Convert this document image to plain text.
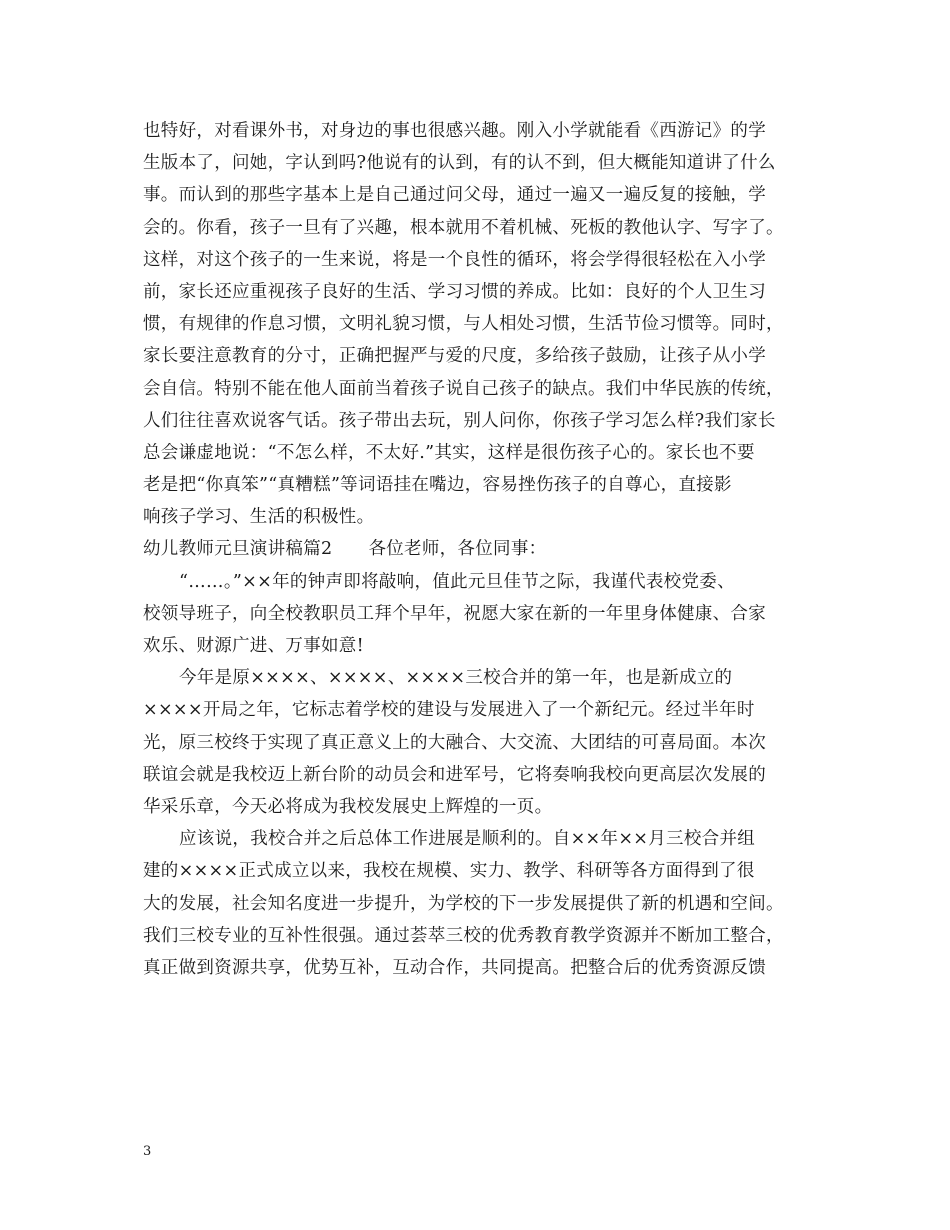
也特好，对看课外书，对身边的事也很感兴趣。刚入小学就能看《西游记》的学
生版本了，问她，字认到吗?他说有的认到，有的认不到，但大概能知道讲了什么
事。而认到的那些字基本上是自己通过问父母，通过一遍又一遍反复的接触，学
会的。你看，孩子一旦有了兴趣，根本就用不着机械、死板的教他认字、写字了。
这样，对这个孩子的一生来说，将是一个良性的循环，将会学得很轻松在入小学
前，家长还应重视孩子良好的生活、学习习惯的养成。比如：良好的个人卫生习
惯，有规律的作息习惯，文明礼貌习惯，与人相处习惯，生活节俭习惯等。同时，
家长要注意教育的分寸，正确把握严与爱的尺度，多给孩子鼓励，让孩子从小学
会自信。特别不能在他人面前当着孩子说自己孩子的缺点。我们中华民族的传统，
人们往往喜欢说客气话。孩子带出去玩，别人问你，你孩子学习怎么样?我们家长
总会谦虚地说：“不怎么样，不太好.”其实，这样是很伤孩子心的。家长也不要
老是把“你真笨”“真糟糕”等词语挂在嘴边，容易挫伤孩子的自尊心，直接影
响孩子学习、生活的积极性。
幼儿教师元旦演讲稿篇2 各位老师，各位同事：
“……。”××年的钟声即将敲响，值此元旦佳节之际，我谨代表校党委、
校领导班子，向全校教职员工拜个早年，祝愿大家在新的一年里身体健康、合家
欢乐、财源广进、万事如意!
今年是原××××、××××、××××三校合并的第一年，也是新成立的
××××开局之年，它标志着学校的建设与发展进入了一个新纪元。经过半年时
光，原三校终于实现了真正意义上的大融合、大交流、大团结的可喜局面。本次
联谊会就是我校迈上新台阶的动员会和进军号，它将奏响我校向更高层次发展的
华采乐章，今天必将成为我校发展史上辉煌的一页。
应该说，我校合并之后总体工作进展是顺利的。自××年××月三校合并组
建的××××正式成立以来，我校在规模、实力、教学、科研等各方面得到了很
大的发展，社会知名度进一步提升，为学校的下一步发展提供了新的机遇和空间。
我们三校专业的互补性很强。通过荟萃三校的优秀教育教学资源并不断加工整合，
真正做到资源共享，优势互补，互动合作，共同提高。把整合后的优秀资源反馈
3
